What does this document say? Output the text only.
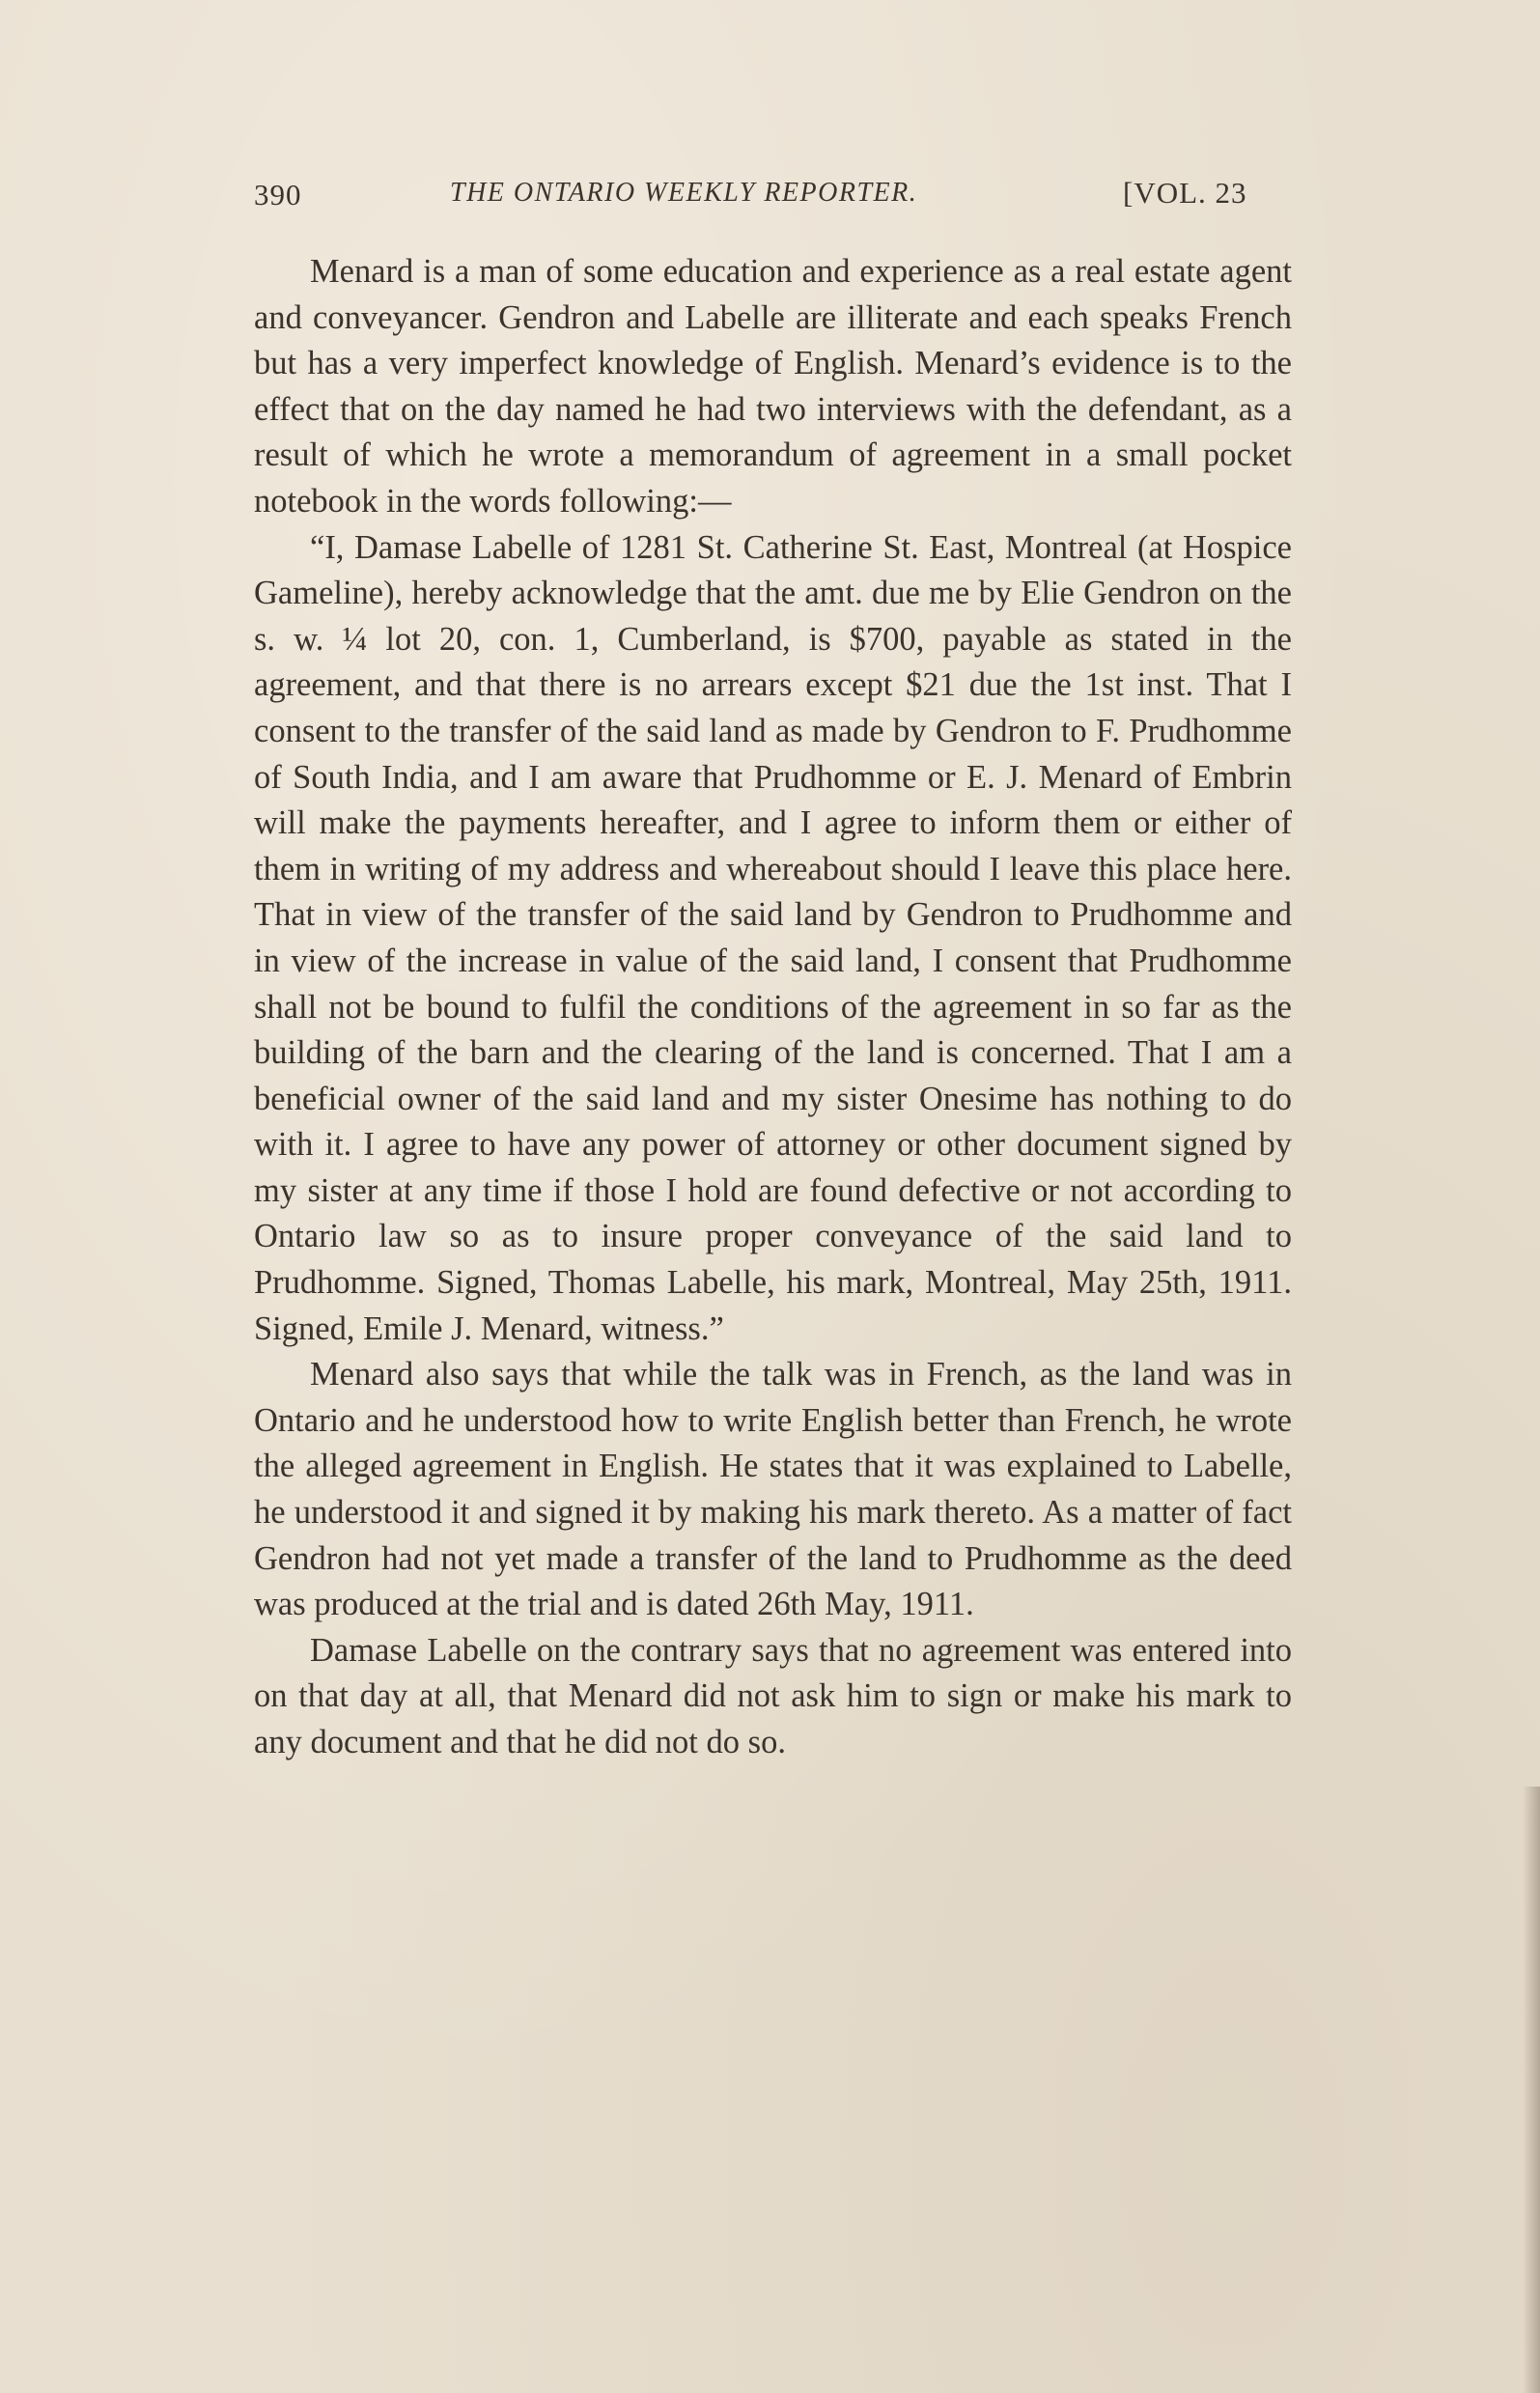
390	THE ONTARIO WEEKLY REPORTER.	[VOL. 23

Menard is a man of some education and experience as a real estate agent and conveyancer. Gendron and Labelle are illiterate and each speaks French but has a very imperfect knowledge of English. Menard’s evidence is to the effect that on the day named he had two interviews with the defendant, as a result of which he wrote a memorandum of agreement in a small pocket notebook in the words following:—

“I, Damase Labelle of 1281 St. Catherine St. East, Montreal (at Hospice Gameline), hereby acknowledge that the amt. due me by Elie Gendron on the s. w. ¼ lot 20, con. 1, Cumberland, is $700, payable as stated in the agreement, and that there is no arrears except $21 due the 1st inst. That I consent to the transfer of the said land as made by Gendron to F. Prudhomme of South India, and I am aware that Prudhomme or E. J. Menard of Embrin will make the payments hereafter, and I agree to inform them or either of them in writing of my address and whereabout should I leave this place here. That in view of the transfer of the said land by Gendron to Prudhomme and in view of the increase in value of the said land, I consent that Prudhomme shall not be bound to fulfil the conditions of the agreement in so far as the building of the barn and the clearing of the land is concerned. That I am a beneficial owner of the said land and my sister Onesime has nothing to do with it. I agree to have any power of attorney or other document signed by my sister at any time if those I hold are found defective or not according to Ontario law so as to insure proper conveyance of the said land to Prudhomme. Signed, Thomas Labelle, his mark, Montreal, May 25th, 1911. Signed, Emile J. Menard, witness.”

Menard also says that while the talk was in French, as the land was in Ontario and he understood how to write English better than French, he wrote the alleged agreement in English. He states that it was explained to Labelle, he understood it and signed it by making his mark thereto. As a matter of fact Gendron had not yet made a transfer of the land to Prudhomme as the deed was produced at the trial and is dated 26th May, 1911.

Damase Labelle on the contrary says that no agreement was entered into on that day at all, that Menard did not ask him to sign or make his mark to any document and that he did not do so.
